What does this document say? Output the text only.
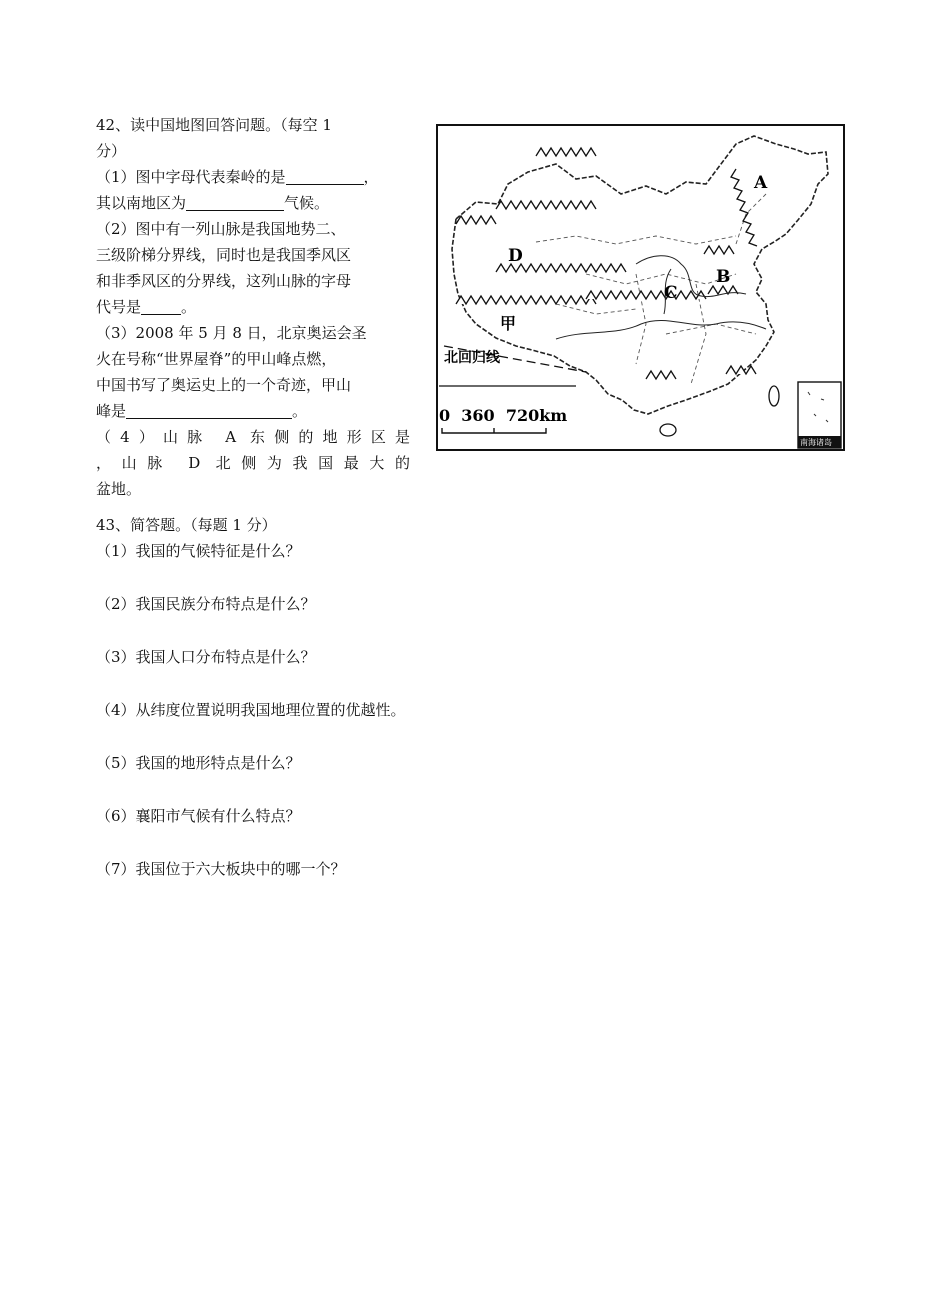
42、读中国地图回答问题。（每空 1
分）
（1）图中字母代表秦岭的是	，
其以南地区为	气候。
（2）图中有一列山脉是我国地势二、
三级阶梯分界线，同时也是我国季风区
和非季风区的分界线，这列山脉的字母
代号是	。
（3）2008 年 5 月 8 日，北京奥运会圣
火在号称“世界屋脊”的甲山峰点燃，
中国书写了奥运史上的一个奇迹，甲山
峰是	。
（4）山脉 A 东侧的地形区是
，山脉 D 北侧为我国最大的
盆地。
北回归线
0  360  720km
南海诸岛
A
B
C
D
甲
43、简答题。（每题 1 分）
（1）我国的气候特征是什么？
（2）我国民族分布特点是什么？
（3）我国人口分布特点是什么？
（4）从纬度位置说明我国地理位置的优越性。
（5）我国的地形特点是什么？
（6）襄阳市气候有什么特点？
（7）我国位于六大板块中的哪一个？
